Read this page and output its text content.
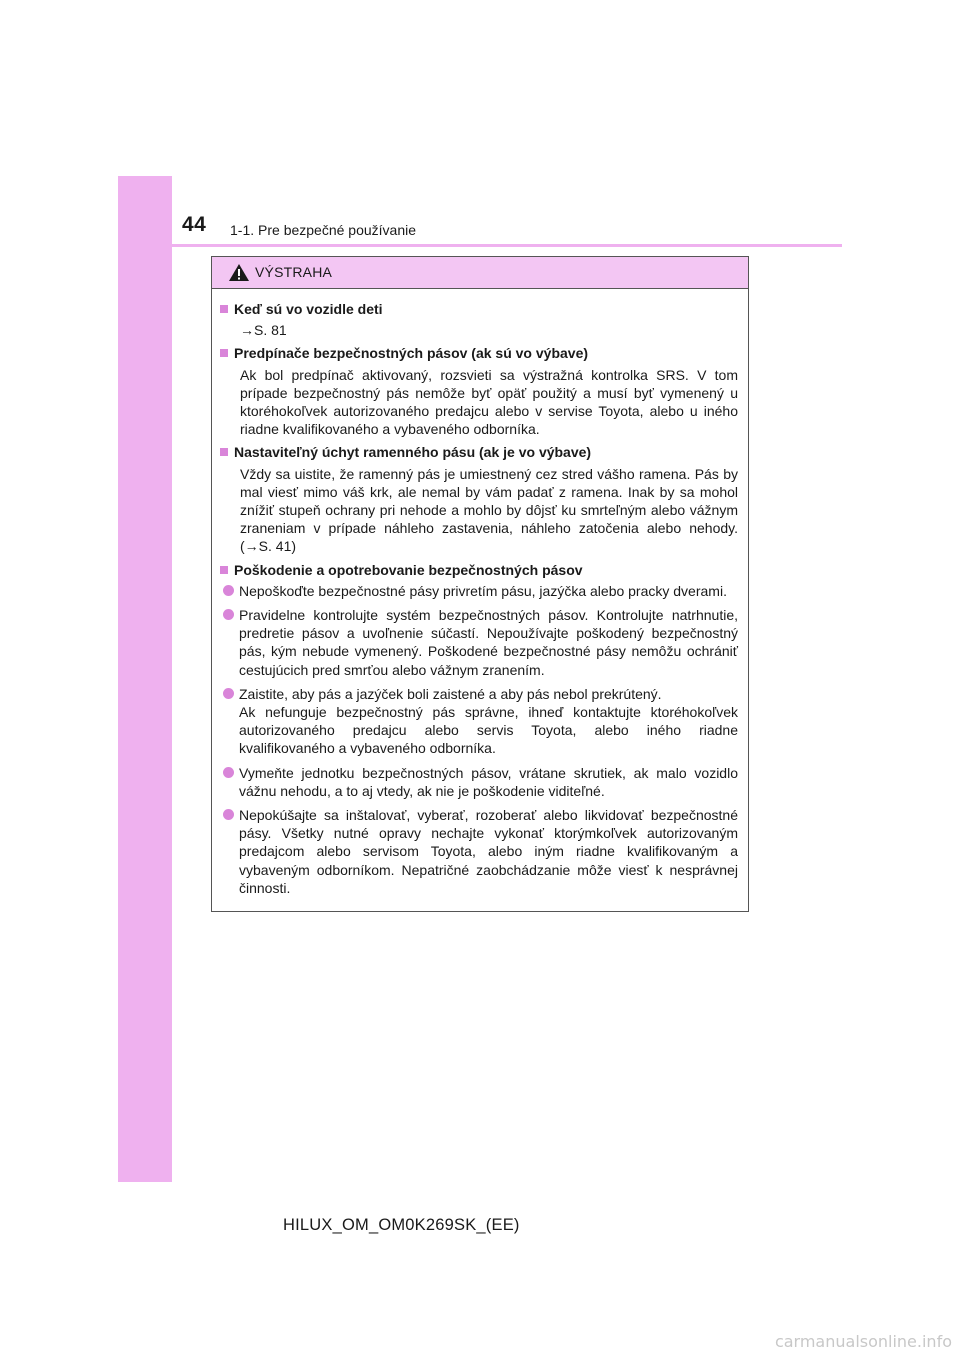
44 1-1. Pre bezpečné používanie
VÝSTRAHA
Keď sú vo vozidle deti
→S. 81
Predpínače bezpečnostných pásov (ak sú vo výbave)
Ak bol predpínač aktivovaný, rozsvieti sa výstražná kontrolka SRS. V tom prípade bezpečnostný pás nemôže byť opäť použitý a musí byť vymenený u ktoréhokoľvek autorizovaného predajcu alebo v servise Toyota, alebo u iného riadne kvalifikovaného a vybaveného odborníka.
Nastaviteľný úchyt ramenného pásu (ak je vo výbave)
Vždy sa uistite, že ramenný pás je umiestnený cez stred vášho ramena. Pás by mal viesť mimo váš krk, ale nemal by vám padať z ramena. Inak by sa mohol znížiť stupeň ochrany pri nehode a mohlo by dôjsť ku smrteľným alebo vážnym zraneniam v prípade náhleho zastavenia, náhleho zatočenia alebo nehody. (→S. 41)
Poškodenie a opotrebovanie bezpečnostných pásov
Nepoškoďte bezpečnostné pásy privretím pásu, jazýčka alebo pracky dverami.
Pravidelne kontrolujte systém bezpečnostných pásov. Kontrolujte natrhnutie, predretie pásov a uvoľnenie súčastí. Nepoužívajte poškodený bezpečnostný pás, kým nebude vymenený. Poškodené bezpečnostné pásy nemôžu ochrániť cestujúcich pred smrťou alebo vážnym zranením.
Zaistite, aby pás a jazýček boli zaistené a aby pás nebol prekrútený.
Ak nefunguje bezpečnostný pás správne, ihneď kontaktujte ktoréhokoľvek autorizovaného predajcu alebo servis Toyota, alebo iného riadne kvalifikovaného a vybaveného odborníka.
Vymeňte jednotku bezpečnostných pásov, vrátane skrutiek, ak malo vozidlo vážnu nehodu, a to aj vtedy, ak nie je poškodenie viditeľné.
Nepokúšajte sa inštalovať, vyberať, rozoberať alebo likvidovať bezpečnostné pásy. Všetky nutné opravy nechajte vykonať ktorýmkoľvek autorizovaným predajcom alebo servisom Toyota, alebo iným riadne kvalifikovaným a vybaveným odborníkom. Nepatričné zaobchádzanie môže viesť k nesprávnej činnosti.
HILUX_OM_OM0K269SK_(EE)
carmanualsonline.info
